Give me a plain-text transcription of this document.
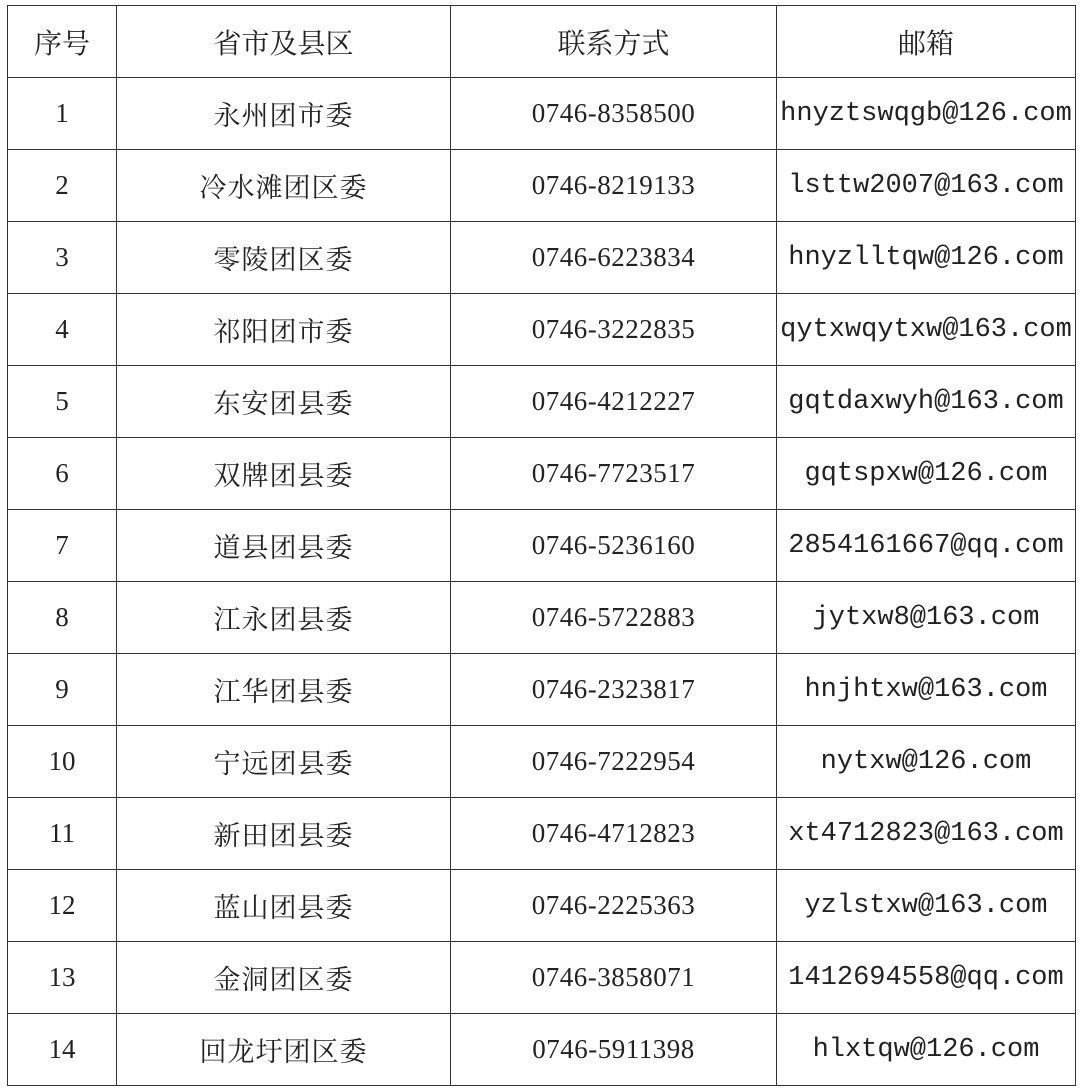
序号	省市及县区	联系方式	邮箱
1	永州团市委	0746-8358500	hnyztswqgb@126.com
2	冷水滩团区委	0746-8219133	lsttw2007@163.com
3	零陵团区委	0746-6223834	hnyzlltqw@126.com
4	祁阳团市委	0746-3222835	qytxwqytxw@163.com
5	东安团县委	0746-4212227	gqtdaxwyh@163.com
6	双牌团县委	0746-7723517	gqtspxw@126.com
7	道县团县委	0746-5236160	2854161667@qq.com
8	江永团县委	0746-5722883	jytxw8@163.com
9	江华团县委	0746-2323817	hnjhtxw@163.com
10	宁远团县委	0746-7222954	nytxw@126.com
11	新田团县委	0746-4712823	xt4712823@163.com
12	蓝山团县委	0746-2225363	yzlstxw@163.com
13	金洞团区委	0746-3858071	1412694558@qq.com
14	回龙圩团区委	0746-5911398	hlxtqw@126.com
